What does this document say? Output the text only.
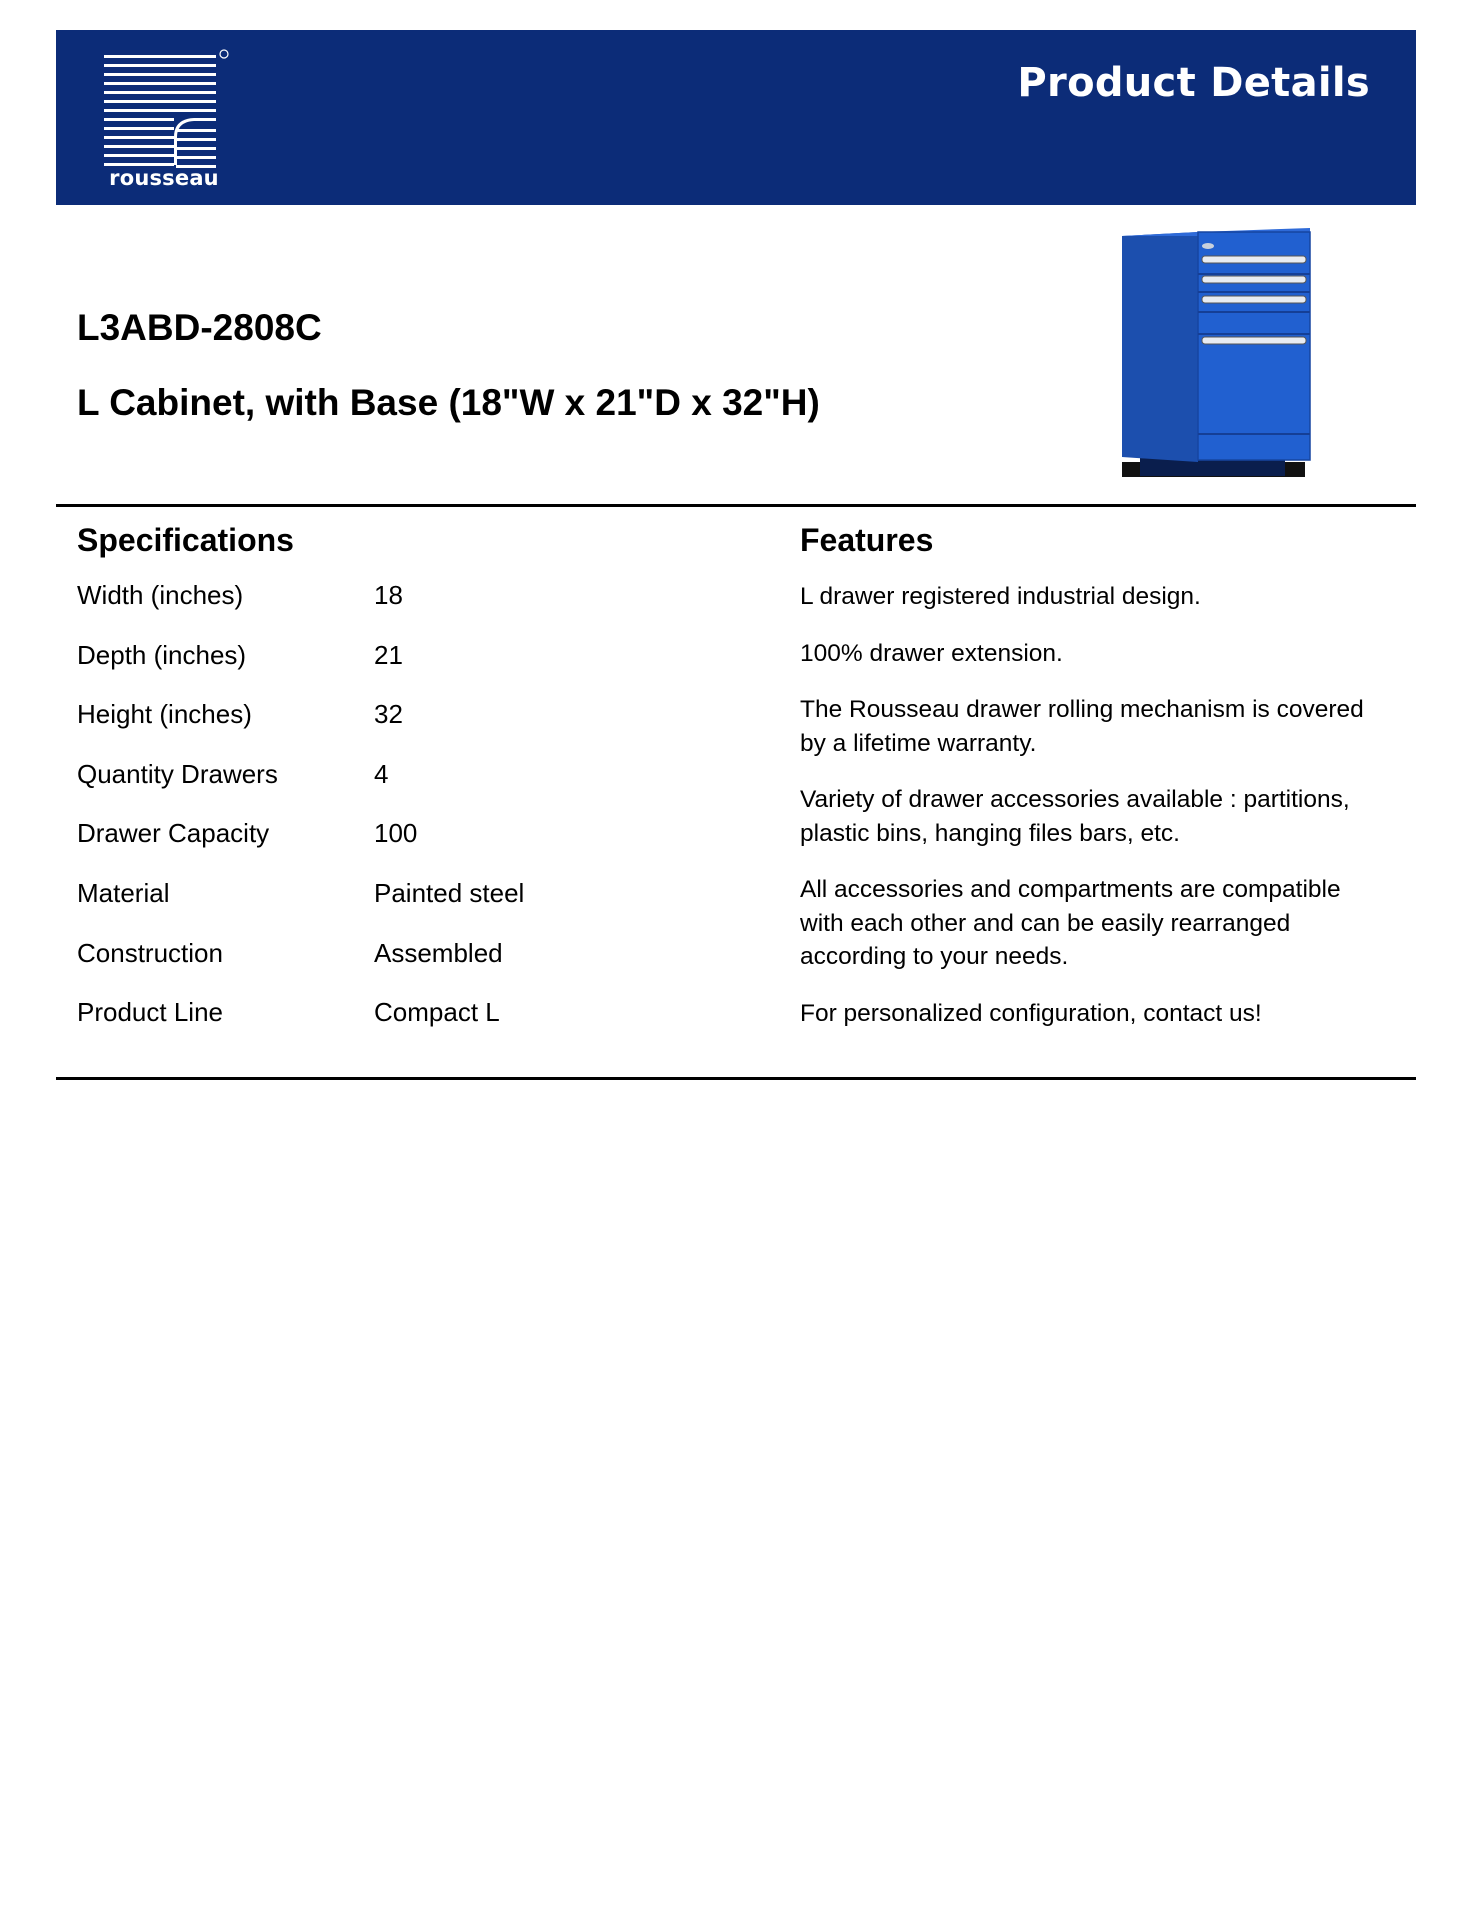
rousseau
Product Details
L3ABD-2808C
L Cabinet, with Base (18"W x 21"D x 32"H)
Specifications	Features
Width (inches)	18
Depth (inches)	21
Height (inches)	32
Quantity Drawers	4
Drawer Capacity	100
Material	Painted steel
Construction	Assembled
Product Line	Compact L
L drawer registered industrial design.
100% drawer extension.
The Rousseau drawer rolling mechanism is covered by a lifetime warranty.
Variety of drawer accessories available : partitions, plastic bins, hanging files bars, etc.
All accessories and compartments are compatible with each other and can be easily rearranged according to your needs.
For personalized configuration, contact us!
